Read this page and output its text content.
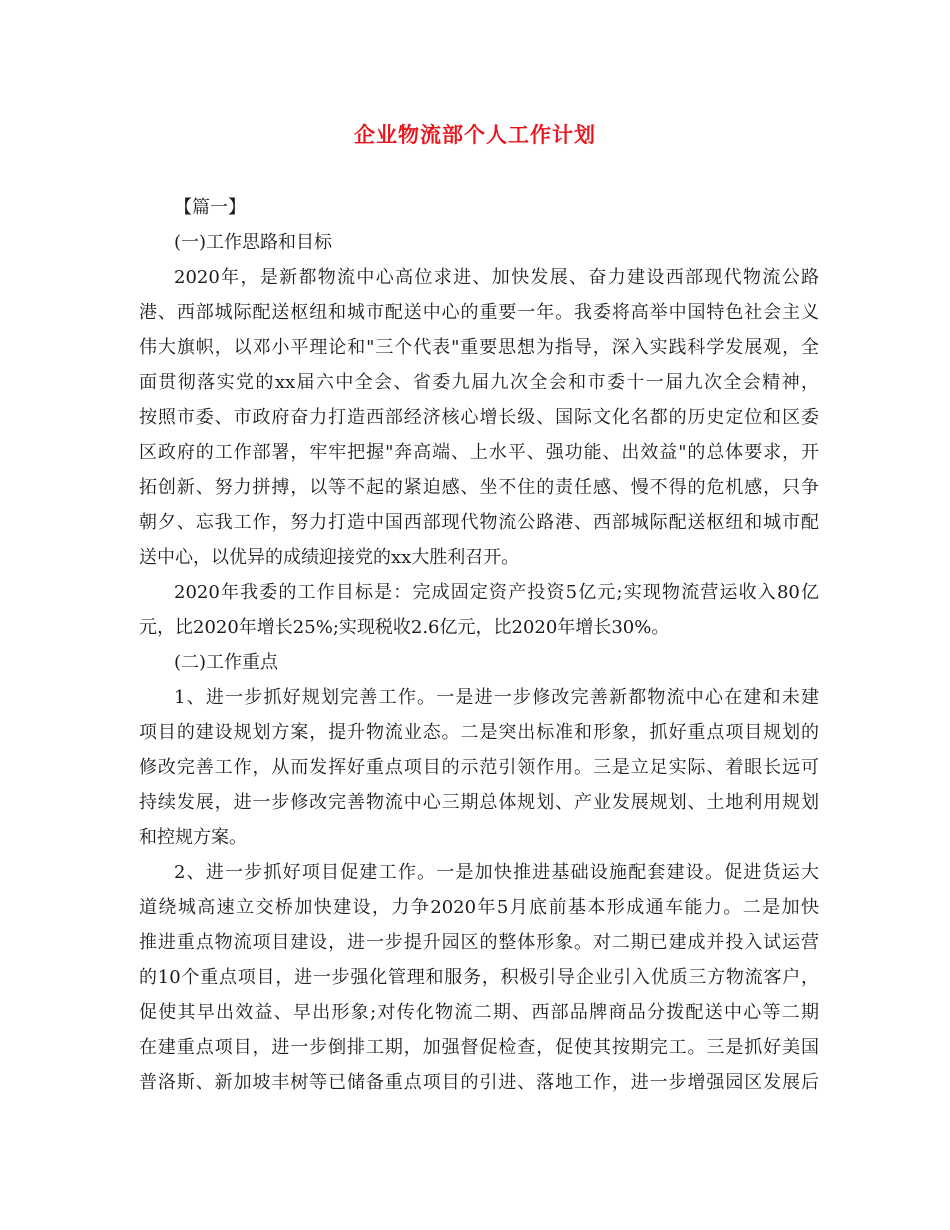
企业物流部个人工作计划
【篇一】
(一)工作思路和目标
2020年，是新都物流中心高位求进、加快发展、奋力建设西部现代物流公路
港、西部城际配送枢纽和城市配送中心的重要一年。我委将高举中国特色社会主义
伟大旗帜，以邓小平理论和"三个代表"重要思想为指导，深入实践科学发展观，全
面贯彻落实党的xx届六中全会、省委九届九次全会和市委十一届九次全会精神，
按照市委、市政府奋力打造西部经济核心增长级、国际文化名都的历史定位和区委
区政府的工作部署，牢牢把握"奔高端、上水平、强功能、出效益"的总体要求，开
拓创新、努力拼搏，以等不起的紧迫感、坐不住的责任感、慢不得的危机感，只争
朝夕、忘我工作，努力打造中国西部现代物流公路港、西部城际配送枢纽和城市配
送中心，以优异的成绩迎接党的xx大胜利召开。
2020年我委的工作目标是：完成固定资产投资5亿元;实现物流营运收入80亿
元，比2020年增长25%;实现税收2.6亿元，比2020年增长30%。
(二)工作重点
1、进一步抓好规划完善工作。一是进一步修改完善新都物流中心在建和未建
项目的建设规划方案，提升物流业态。二是突出标准和形象，抓好重点项目规划的
修改完善工作，从而发挥好重点项目的示范引领作用。三是立足实际、着眼长远可
持续发展，进一步修改完善物流中心三期总体规划、产业发展规划、土地利用规划
和控规方案。
2、进一步抓好项目促建工作。一是加快推进基础设施配套建设。促进货运大
道绕城高速立交桥加快建设，力争2020年5月底前基本形成通车能力。二是加快
推进重点物流项目建设，进一步提升园区的整体形象。对二期已建成并投入试运营
的10个重点项目，进一步强化管理和服务，积极引导企业引入优质三方物流客户，
促使其早出效益、早出形象;对传化物流二期、西部品牌商品分拨配送中心等二期
在建重点项目，进一步倒排工期，加强督促检查，促使其按期完工。三是抓好美国
普洛斯、新加坡丰树等已储备重点项目的引进、落地工作，进一步增强园区发展后
